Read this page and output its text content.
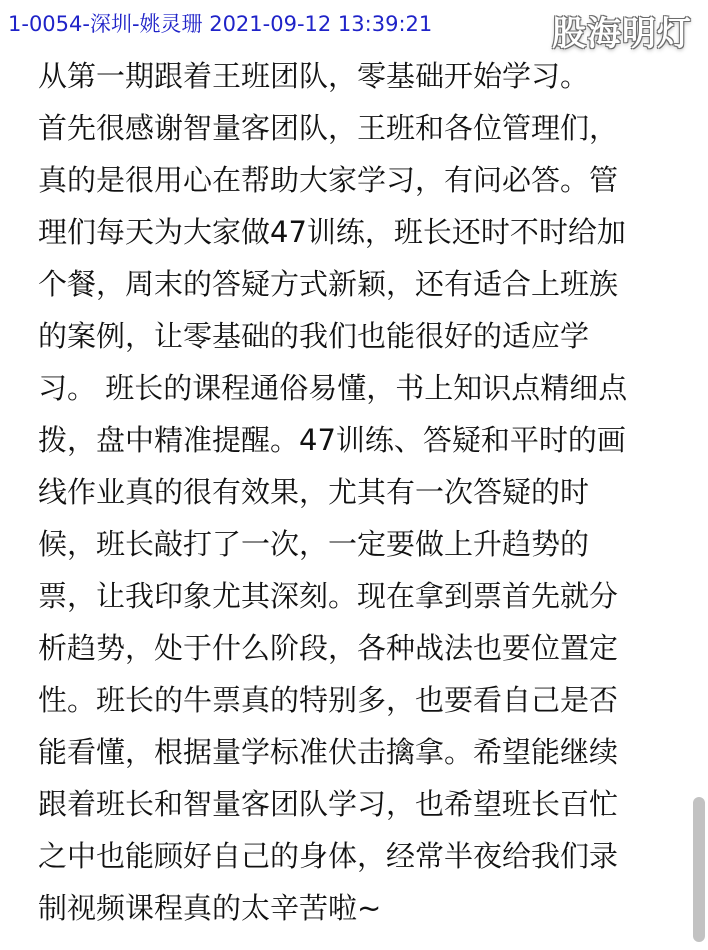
1-0054-深圳-姚灵珊 2021-09-12 13:39:21	股海明灯
从第一期跟着王班团队，零基础开始学习。
首先很感谢智量客团队，王班和各位管理们，
真的是很用心在帮助大家学习，有问必答。管
理们每天为大家做47训练，班长还时不时给加
个餐，周末的答疑方式新颖，还有适合上班族
的案例，让零基础的我们也能很好的适应学
习。 班长的课程通俗易懂，书上知识点精细点
拨，盘中精准提醒。47训练、答疑和平时的画
线作业真的很有效果，尤其有一次答疑的时
候，班长敲打了一次，一定要做上升趋势的
票，让我印象尤其深刻。现在拿到票首先就分
析趋势，处于什么阶段，各种战法也要位置定
性。班长的牛票真的特别多，也要看自己是否
能看懂，根据量学标准伏击擒拿。希望能继续
跟着班长和智量客团队学习，也希望班长百忙
之中也能顾好自己的身体，经常半夜给我们录
制视频课程真的太辛苦啦~
